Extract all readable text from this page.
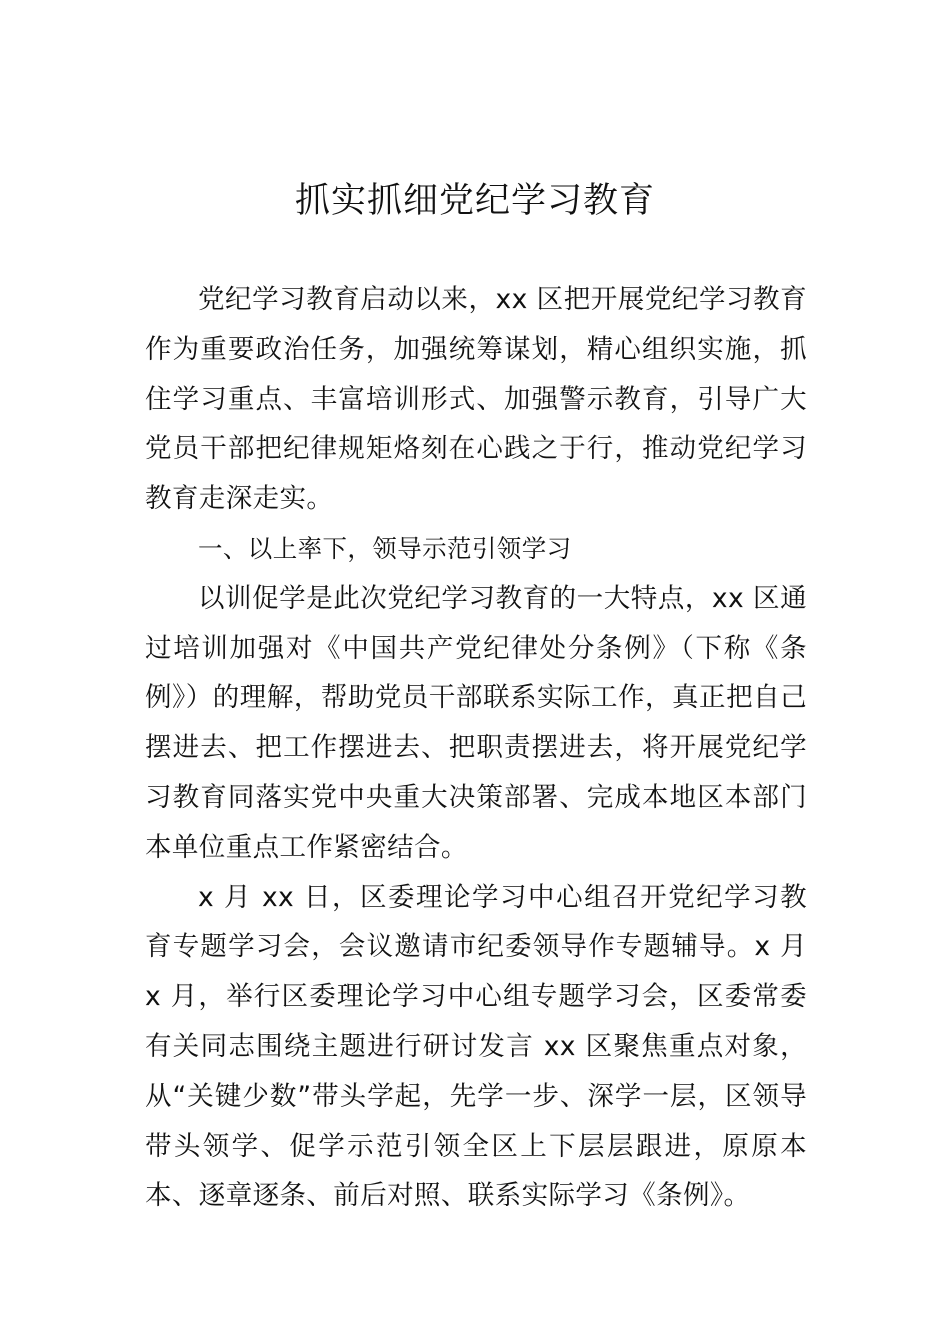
抓实抓细党纪学习教育

党纪学习教育启动以来，xx 区把开展党纪学习教育作为重要政治任务，加强统筹谋划，精心组织实施，抓住学习重点、丰富培训形式、加强警示教育，引导广大党员干部把纪律规矩烙刻在心践之于行，推动党纪学习教育走深走实。

一、以上率下，领导示范引领学习

以训促学是此次党纪学习教育的一大特点，xx 区通过培训加强对《中国共产党纪律处分条例》（下称《条例》）的理解，帮助党员干部联系实际工作，真正把自己摆进去、把工作摆进去、把职责摆进去，将开展党纪学习教育同落实党中央重大决策部署、完成本地区本部门本单位重点工作紧密结合。

x 月 xx 日，区委理论学习中心组召开党纪学习教育专题学习会，会议邀请市纪委领导作专题辅导。x 月 x 月，举行区委理论学习中心组专题学习会，区委常委有关同志围绕主题进行研讨发言 xx 区聚焦重点对象，从“关键少数”带头学起，先学一步、深学一层，区领导带头领学、促学示范引领全区上下层层跟进，原原本本、逐章逐条、前后对照、联系实际学习《条例》。
